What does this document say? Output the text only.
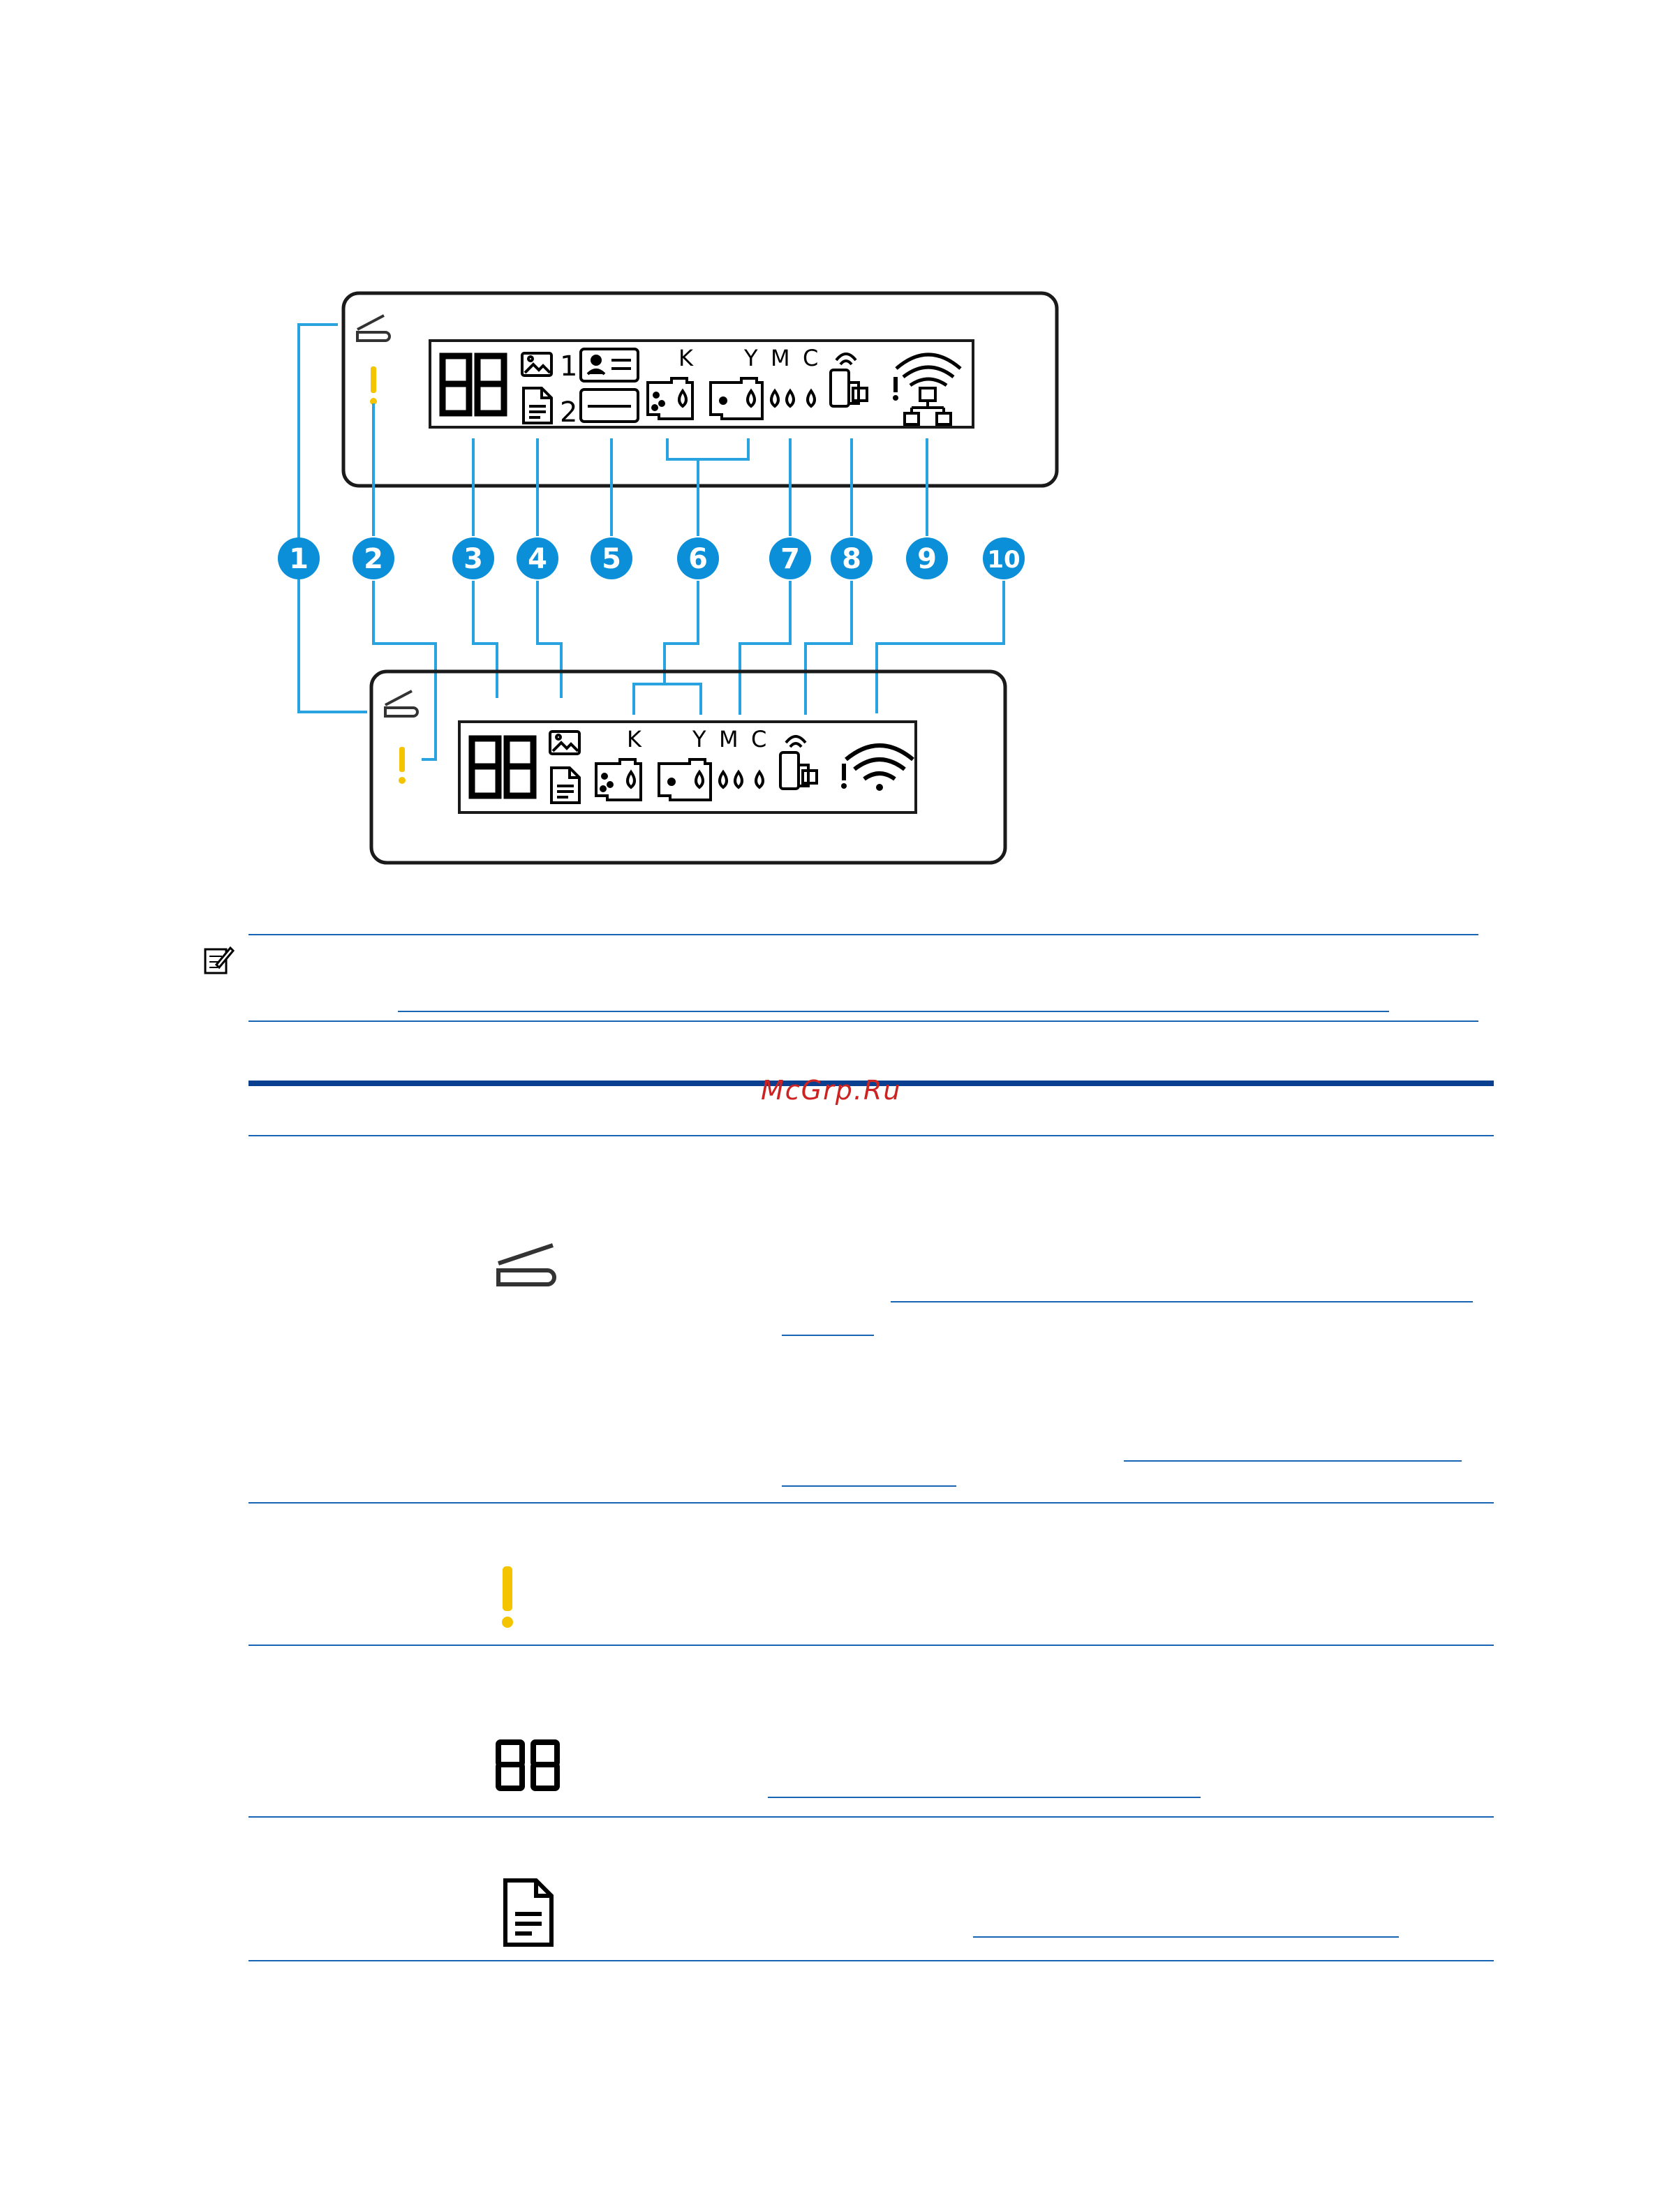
1
2
K Y M C
1 2	3 4 5 6	7 8 9 10
K Y M C
McGrp.Ru
